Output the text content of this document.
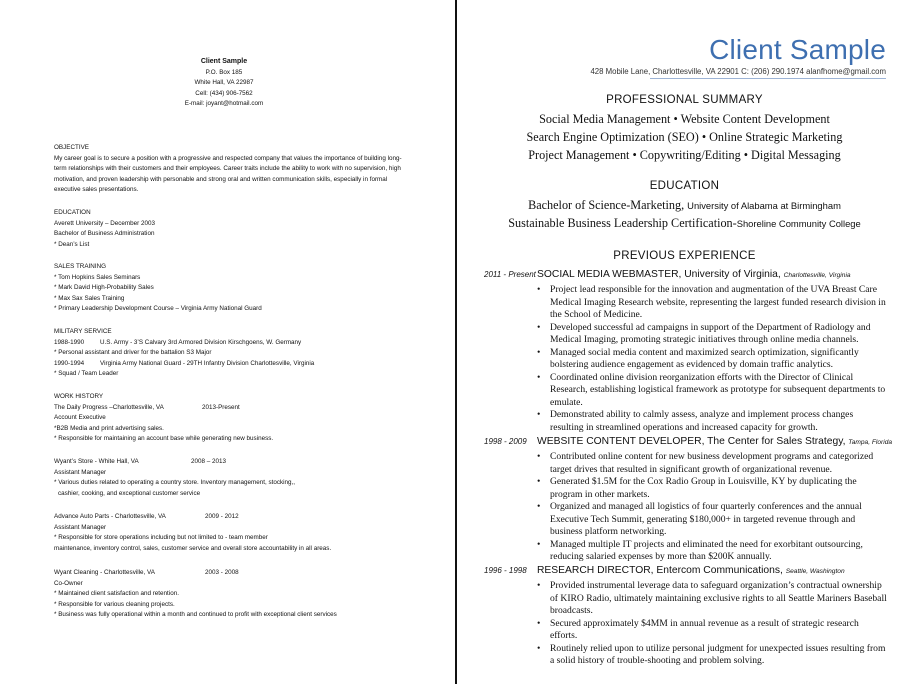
Client Sample
P.O. Box 185
White Hall, VA 22987
Cell: (434) 906-7562
E-mail: joyant@hotmail.com
OBJECTIVE
My career goal is to secure a position with a progressive and respected company that values the importance of building long-
term relationships with their customers and their employees. Career traits include the ability to work with no supervision, high
motivation, and proven leadership with personable and strong oral and written communication skills, especially in formal
executive sales presentations.
EDUCATION
Averett University – December 2003
Bachelor of Business Administration
* Dean’s List
SALES TRAINING
* Tom Hopkins Sales Seminars
* Mark David High-Probability Sales
* Max Sax Sales Training
* Primary Leadership Development Course – Virginia Army National Guard
MILITARY SERVICE
1988-1990	U.S. Army - 3’S Calvary 3rd Armored Division Kirschgoens, W. Germany
* Personal assistant and driver for the battalion S3 Major
1990-1994	Virginia Army National Guard - 29TH Infantry Division Charlottesville, Virginia
* Squad / Team Leader
WORK HISTORY
The Daily Progress –Charlottesville, VA	2013-Present
Account Executive
*B2B Media and print advertising sales.
* Responsible for maintaining an account base while generating new business.
Wyant’s Store - White Hall, VA	2008 – 2013
Assistant Manager
* Various duties related to operating a country store. Inventory management, stocking,,
cashier, cooking, and exceptional customer service
Advance Auto Parts - Charlottesville, VA	2009 - 2012
Assistant Manager
* Responsible for store operations including but not limited to - team member
maintenance, inventory control, sales, customer service and overall store accountability in all areas.
Wyant Cleaning - Charlottesville, VA	2003 - 2008
Co-Owner
* Maintained client satisfaction and retention.
* Responsible for various cleaning projects.
* Business was fully operational within a month and continued to profit with exceptional client services
Client Sample
428 Mobile Lane, Charlottesville, VA 22901 C: (206) 290.1974 alanfhome@gmail.com
PROFESSIONAL SUMMARY
Social Media Management • Website Content Development
Search Engine Optimization (SEO) • Online Strategic Marketing
Project Management • Copywriting/Editing • Digital Messaging
EDUCATION
Bachelor of Science-Marketing, University of Alabama at Birmingham
Sustainable Business Leadership Certification-Shoreline Community College
PREVIOUS EXPERIENCE
2011 - Present SOCIAL MEDIA WEBMASTER, University of Virginia, Charlottesville, Virginia
• Project lead responsible for the innovation and augmentation of the UVA Breast Care Medical Imaging Research website, representing the largest funded research division in the School of Medicine.
• Developed successful ad campaigns in support of the Department of Radiology and Medical Imaging, promoting strategic initiatives through online media channels.
• Managed social media content and maximized search optimization, significantly bolstering audience engagement as evidenced by domain traffic analytics.
• Coordinated online division reorganization efforts with the Director of Clinical Research, establishing logistical framework as prototype for subsequent departments to emulate.
• Demonstrated ability to calmly assess, analyze and implement process changes resulting in streamlined operations and increased capacity for growth.
1998 - 2009 WEBSITE CONTENT DEVELOPER, The Center for Sales Strategy, Tampa, Florida
• Contributed online content for new business development programs and categorized target drives that resulted in significant growth of organizational revenue.
• Generated $1.5M for the Cox Radio Group in Louisville, KY by duplicating the program in other markets.
• Organized and managed all logistics of four quarterly conferences and the annual Executive Tech Summit, generating $180,000+ in targeted revenue through and business platform networking.
• Managed multiple IT projects and eliminated the need for exorbitant outsourcing, reducing salaried expenses by more than $200K annually.
1996 - 1998 RESEARCH DIRECTOR, Entercom Communications, Seattle, Washington
• Provided instrumental leverage data to safeguard organization’s contractual ownership of KIRO Radio, ultimately maintaining exclusive rights to all Seattle Mariners Baseball broadcasts.
• Secured approximately $4MM in annual revenue as a result of strategic research efforts.
• Routinely relied upon to utilize personal judgment for unexpected issues resulting from a solid history of trouble-shooting and problem solving.
